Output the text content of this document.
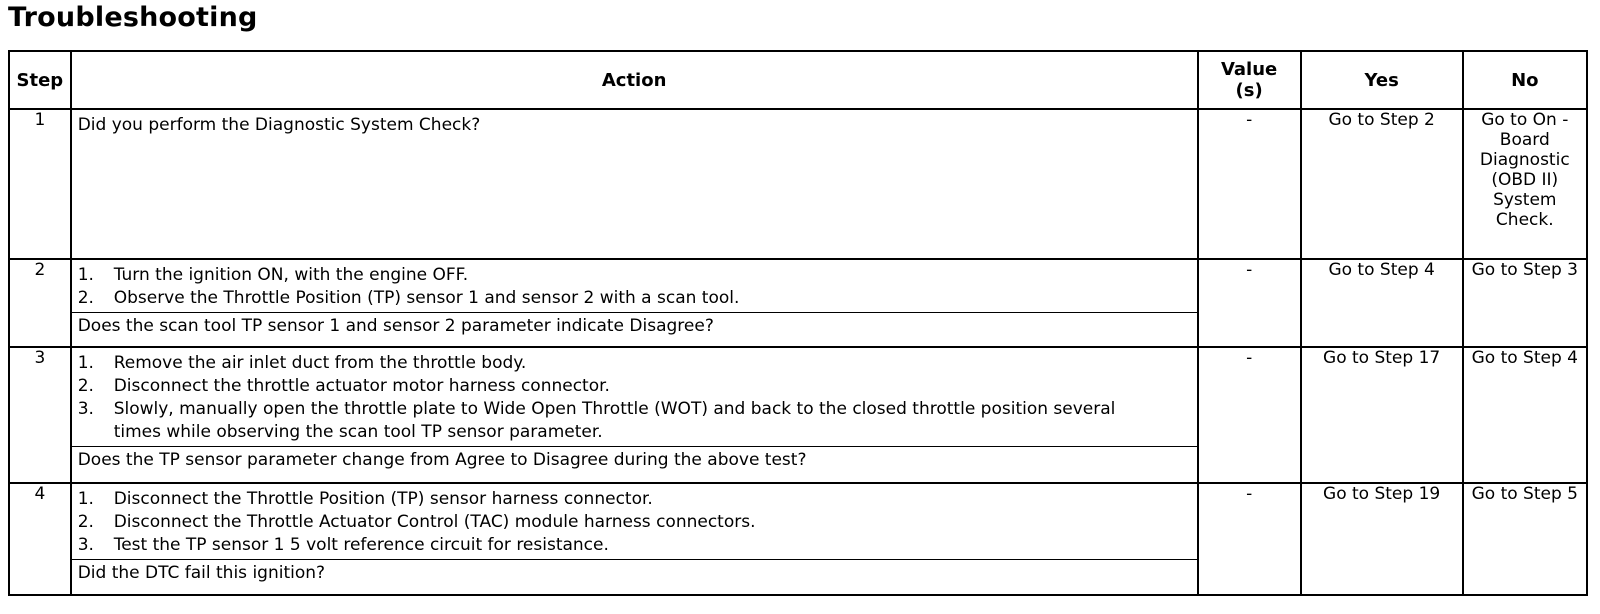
Troubleshooting
Step	Action	Value (s)	Yes	No
1	Did you perform the Diagnostic System Check?	-	Go to Step 2	Go to On -Board Diagnostic (OBD II) System Check.
2	1. Turn the ignition ON, with the engine OFF.
2. Observe the Throttle Position (TP) sensor 1 and sensor 2 with a scan tool.
Does the scan tool TP sensor 1 and sensor 2 parameter indicate Disagree?	-	Go to Step 4	Go to Step 3
3	1. Remove the air inlet duct from the throttle body.
2. Disconnect the throttle actuator motor harness connector.
3. Slowly, manually open the throttle plate to Wide Open Throttle (WOT) and back to the closed throttle position several times while observing the scan tool TP sensor parameter.
Does the TP sensor parameter change from Agree to Disagree during the above test?	-	Go to Step 17	Go to Step 4
4	1. Disconnect the Throttle Position (TP) sensor harness connector.
2. Disconnect the Throttle Actuator Control (TAC) module harness connectors.
3. Test the TP sensor 1 5 volt reference circuit for resistance.
Did the DTC fail this ignition?	-	Go to Step 19	Go to Step 5
